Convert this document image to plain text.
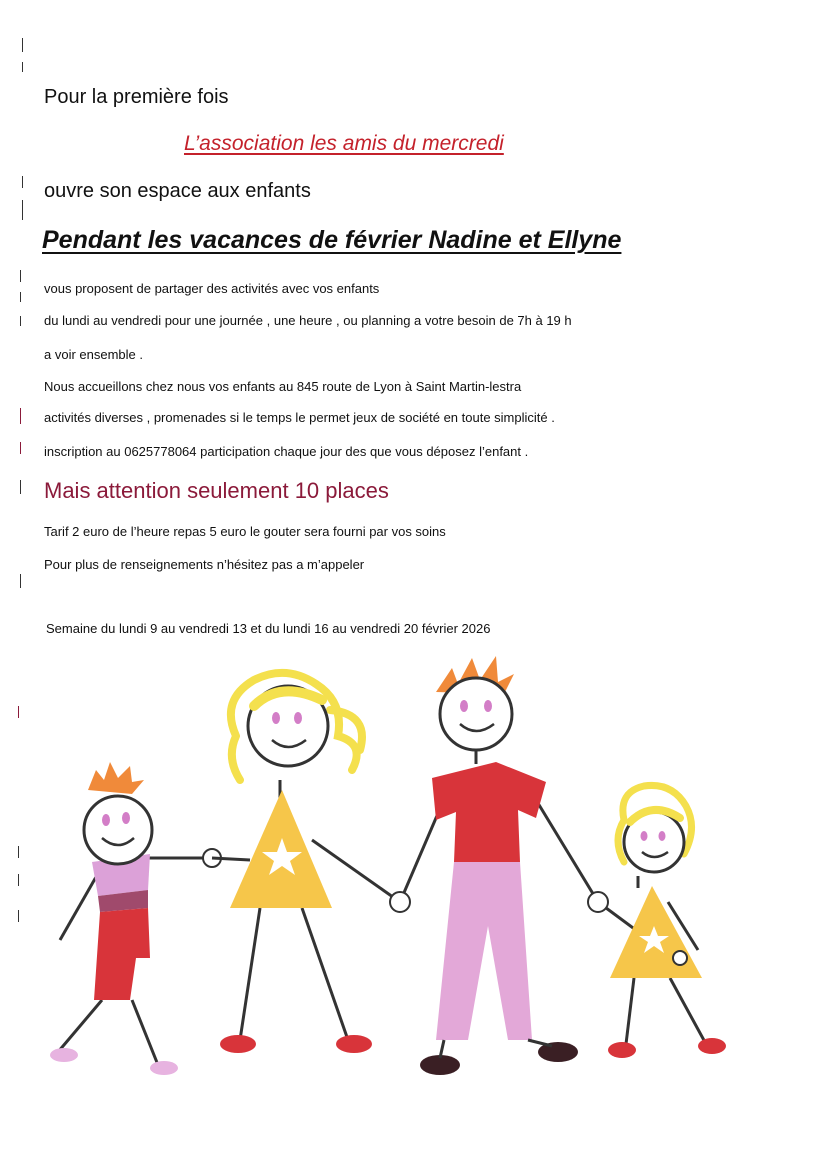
Pour la première fois
L’association les amis du mercredi
ouvre son espace aux enfants
Pendant les vacances de février Nadine et Ellyne
vous proposent de partager des activités avec vos enfants
du lundi au vendredi pour une journée , une heure , ou planning a votre besoin de 7h à 19 h
a voir ensemble .
Nous accueillons chez nous vos enfants au 845 route de Lyon à Saint Martin-lestra
activités diverses , promenades si le temps le permet jeux de société en toute simplicité .
inscription au 0625778064 participation chaque jour des que vous déposez l’enfant .
Mais attention seulement 10 places
Tarif 2 euro de l’heure repas 5 euro le gouter sera fourni par vos soins
Pour plus de renseignements n’hésitez pas a m’appeler
Semaine du lundi 9 au vendredi 13 et du lundi 16 au vendredi 20 février 2026
